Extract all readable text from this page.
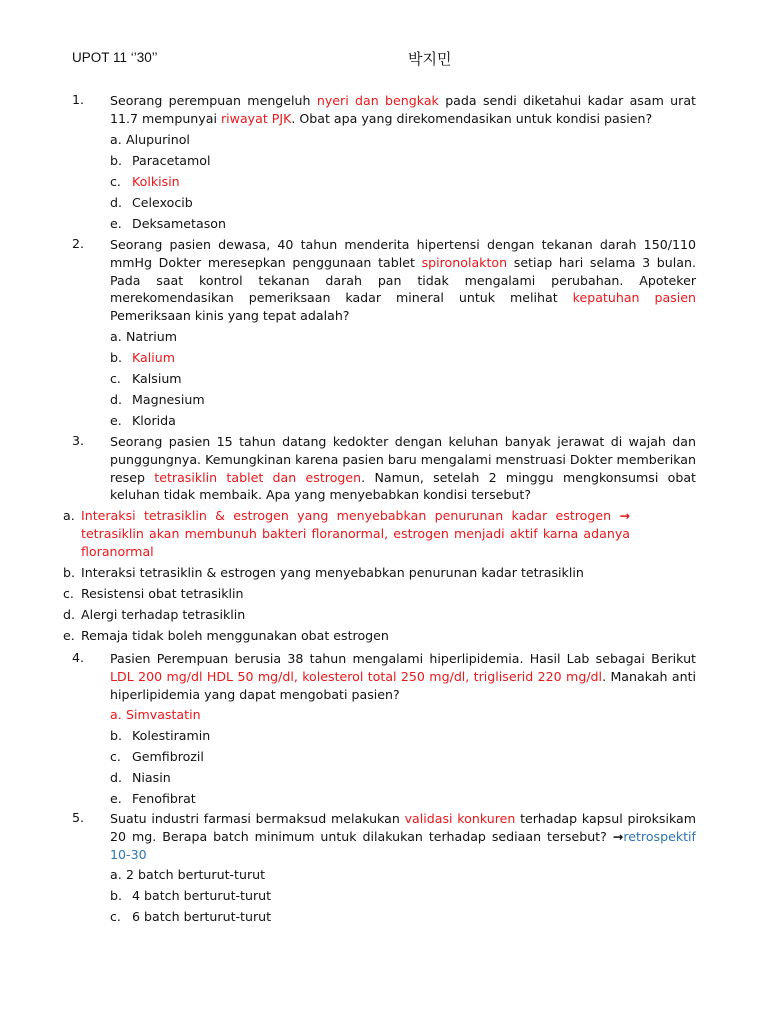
UPOT 11 ‘’30’’	박지민
1. Seorang perempuan mengeluh nyeri dan bengkak pada sendi diketahui kadar asam urat 11.7 mempunyai riwayat PJK. Obat apa yang direkomendasikan untuk kondisi pasien?
a. Alupurinol
b. Paracetamol
c. Kolkisin
d. Celexocib
e. Deksametason
2. Seorang pasien dewasa, 40 tahun menderita hipertensi dengan tekanan darah 150/110 mmHg Dokter meresepkan penggunaan tablet spironolakton setiap hari selama 3 bulan. Pada saat kontrol tekanan darah pan tidak mengalami perubahan. Apoteker merekomendasikan pemeriksaan kadar mineral untuk melihat kepatuhan pasien Pemeriksaan kinis yang tepat adalah?
a. Natrium
b. Kalium
c. Kalsium
d. Magnesium
e. Klorida
3. Seorang pasien 15 tahun datang kedokter dengan keluhan banyak jerawat di wajah dan punggungnya. Kemungkinan karena pasien baru mengalami menstruasi Dokter memberikan resep tetrasiklin tablet dan estrogen. Namun, setelah 2 minggu mengkonsumsi obat keluhan tidak membaik. Apa yang menyebabkan kondisi tersebut?
a. Interaksi tetrasiklin & estrogen yang menyebabkan penurunan kadar estrogen → tetrasiklin akan membunuh bakteri floranormal, estrogen menjadi aktif karna adanya floranormal
b. Interaksi tetrasiklin & estrogen yang menyebabkan penurunan kadar tetrasiklin
c. Resistensi obat tetrasiklin
d. Alergi terhadap tetrasiklin
e. Remaja tidak boleh menggunakan obat estrogen
4. Pasien Perempuan berusia 38 tahun mengalami hiperlipidemia. Hasil Lab sebagai Berikut LDL 200 mg/dl HDL 50 mg/dl, kolesterol total 250 mg/dl, trigliserid 220 mg/dl. Manakah anti hiperlipidemia yang dapat mengobati pasien?
a. Simvastatin
b. Kolestiramin
c. Gemfibrozil
d. Niasin
e. Fenofibrat
5. Suatu industri farmasi bermaksud melakukan validasi konkuren terhadap kapsul piroksikam 20 mg. Berapa batch minimum untuk dilakukan terhadap sediaan tersebut? →retrospektif 10-30
a. 2 batch berturut-turut
b. 4 batch berturut-turut
c. 6 batch berturut-turut
